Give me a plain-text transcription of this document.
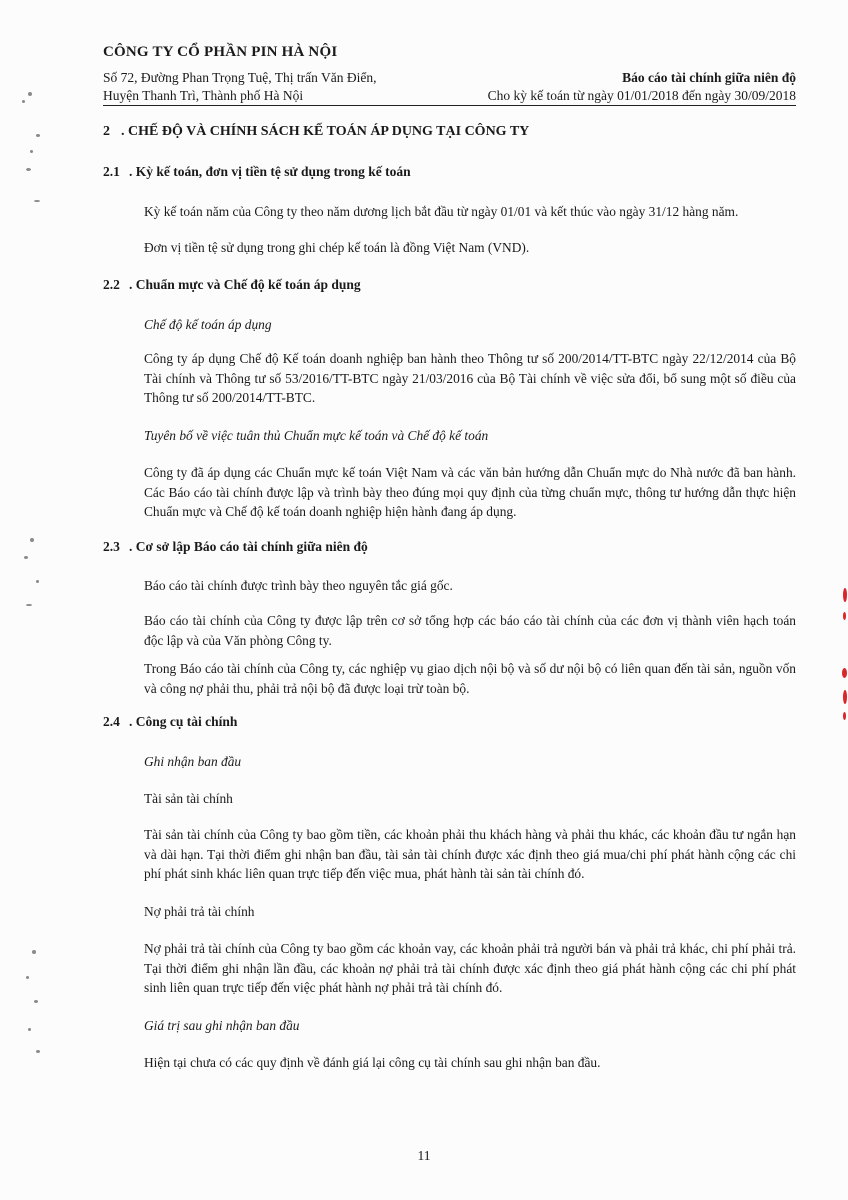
CÔNG TY CỔ PHẦN PIN HÀ NỘI
Số 72, Đường Phan Trọng Tuệ, Thị trấn Văn Điển,
Huyện Thanh Trì, Thành phố Hà Nội
Báo cáo tài chính giữa niên độ
Cho kỳ kế toán từ ngày 01/01/2018 đến ngày 30/09/2018
2 . CHẾ ĐỘ VÀ CHÍNH SÁCH KẾ TOÁN ÁP DỤNG TẠI CÔNG TY
2.1 . Kỳ kế toán, đơn vị tiền tệ sử dụng trong kế toán
Kỳ kế toán năm của Công ty theo năm dương lịch bắt đầu từ ngày 01/01 và kết thúc vào ngày 31/12 hàng năm.
Đơn vị tiền tệ sử dụng trong ghi chép kế toán là đồng Việt Nam (VND).
2.2 . Chuẩn mực và Chế độ kế toán áp dụng
Chế độ kế toán áp dụng
Công ty áp dụng Chế độ Kế toán doanh nghiệp ban hành theo Thông tư số 200/2014/TT-BTC ngày 22/12/2014 của Bộ Tài chính và Thông tư số 53/2016/TT-BTC ngày 21/03/2016 của Bộ Tài chính về việc sửa đổi, bổ sung một số điều của Thông tư số 200/2014/TT-BTC.
Tuyên bố về việc tuân thủ Chuẩn mực kế toán và Chế độ kế toán
Công ty đã áp dụng các Chuẩn mực kế toán Việt Nam và các văn bản hướng dẫn Chuẩn mực do Nhà nước đã ban hành. Các Báo cáo tài chính được lập và trình bày theo đúng mọi quy định của từng chuẩn mực, thông tư hướng dẫn thực hiện Chuẩn mực và Chế độ kế toán doanh nghiệp hiện hành đang áp dụng.
2.3 . Cơ sở lập Báo cáo tài chính giữa niên độ
Báo cáo tài chính được trình bày theo nguyên tắc giá gốc.
Báo cáo tài chính của Công ty được lập trên cơ sở tổng hợp các báo cáo tài chính của các đơn vị thành viên hạch toán độc lập và của Văn phòng Công ty.
Trong Báo cáo tài chính của Công ty, các nghiệp vụ giao dịch nội bộ và số dư nội bộ có liên quan đến tài sản, nguồn vốn và công nợ phải thu, phải trả nội bộ đã được loại trừ toàn bộ.
2.4 . Công cụ tài chính
Ghi nhận ban đầu
Tài sản tài chính
Tài sản tài chính của Công ty bao gồm tiền, các khoản phải thu khách hàng và phải thu khác, các khoản đầu tư ngắn hạn và dài hạn. Tại thời điểm ghi nhận ban đầu, tài sản tài chính được xác định theo giá mua/chi phí phát hành cộng các chi phí phát sinh khác liên quan trực tiếp đến việc mua, phát hành tài sản tài chính đó.
Nợ phải trả tài chính
Nợ phải trả tài chính của Công ty bao gồm các khoản vay, các khoản phải trả người bán và phải trả khác, chi phí phải trả. Tại thời điểm ghi nhận lần đầu, các khoản nợ phải trả tài chính được xác định theo giá phát hành cộng các chi phí phát sinh liên quan trực tiếp đến việc phát hành nợ phải trả tài chính đó.
Giá trị sau ghi nhận ban đầu
Hiện tại chưa có các quy định về đánh giá lại công cụ tài chính sau ghi nhận ban đầu.
11
